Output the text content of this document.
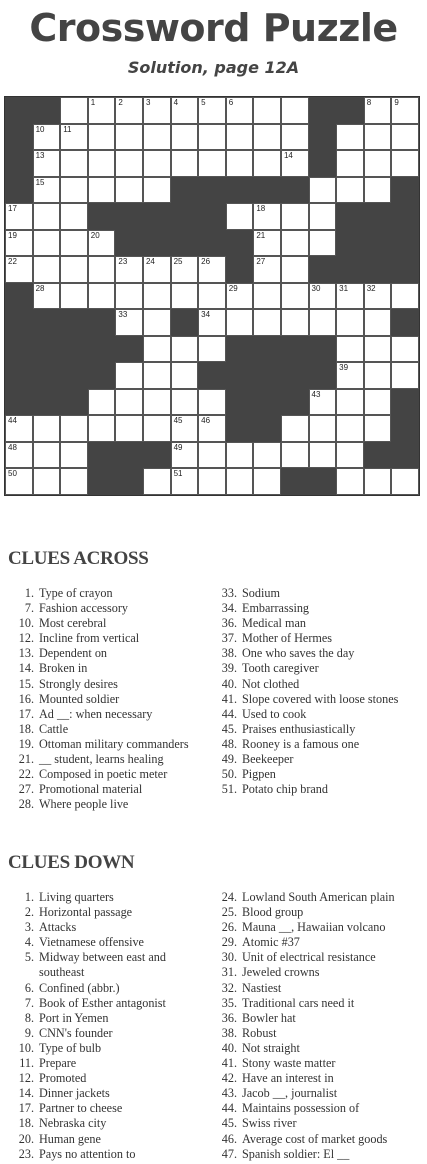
Crossword Puzzle
Solution, page 12A
1	2	3	4	5	6	8	9
10 11
13	14
15
17	18
19	20	21
22	23 24 25 26	27
28	29	30 31 32
33	34
39
43
44	45 46
48	49
50	51
CLUES ACROSS
1. Type of crayon
7. Fashion accessory
10. Most cerebral
12. Incline from vertical
13. Dependent on
14. Broken in
15. Strongly desires
16. Mounted soldier
17. Ad __: when necessary
18. Cattle
19. Ottoman military commanders
21. __ student, learns healing
22. Composed in poetic meter
27. Promotional material
28. Where people live
33. Sodium
34. Embarrassing
36. Medical man
37. Mother of Hermes
38. One who saves the day
39. Tooth caregiver
40. Not clothed
41. Slope covered with loose stones
44. Used to cook
45. Praises enthusiastically
48. Rooney is a famous one
49. Beekeeper
50. Pigpen
51. Potato chip brand
CLUES DOWN
1. Living quarters
2. Horizontal passage
3. Attacks
4. Vietnamese offensive
5. Midway between east and southeast
6. Confined (abbr.)
7. Book of Esther antagonist
8. Port in Yemen
9. CNN's founder
10. Type of bulb
11. Prepare
12. Promoted
14. Dinner jackets
17. Partner to cheese
18. Nebraska city
20. Human gene
23. Pays no attention to
24. Lowland South American plain
25. Blood group
26. Mauna __, Hawaiian volcano
29. Atomic #37
30. Unit of electrical resistance
31. Jeweled crowns
32. Nastiest
35. Traditional cars need it
36. Bowler hat
38. Robust
40. Not straight
41. Stony waste matter
42. Have an interest in
43. Jacob __, journalist
44. Maintains possession of
45. Swiss river
46. Average cost of market goods
47. Spanish soldier: El __
